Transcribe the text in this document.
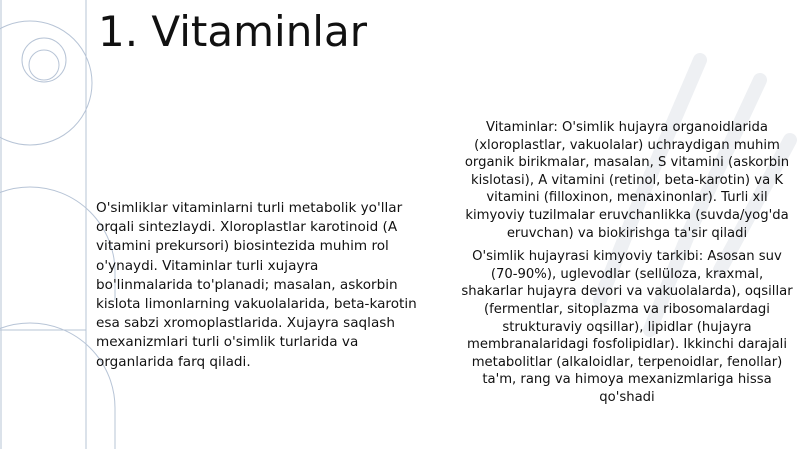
1. Vitaminlar

O'simliklar vitaminlarni turli metabolik yo'llar orqali sintezlaydi. Xloroplastlar karotinoid (A vitamini prekursori) biosintezida muhim rol o'ynaydi. Vitaminlar turli xujayra bo'linmalarida to'planadi; masalan, askorbin kislota limonlarning vakuolalarida, beta-karotin esa sabzi xromoplastlarida. Xujayra saqlash mexanizmlari turli o'simlik turlarida va organlarida farq qiladi.

Vitaminlar: O'simlik hujayra organoidlarida (xloroplastlar, vakuolalar) uchraydigan muhim organik birikmalar, masalan, S vitamini (askorbin kislotasi), A vitamini (retinol, beta-karotin) va K vitamini (filloxinon, menaxinonlar). Turli xil kimyoviy tuzilmalar eruvchanlikka (suvda/yog'da eruvchan) va biokirishga ta'sir qiladi

O'simlik hujayrasi kimyoviy tarkibi: Asosan suv (70-90%), uglevodlar (sellüloza, kraxmal, shakarlar hujayra devori va vakuolalarda), oqsillar (fermentlar, sitoplazma va ribosomalardagi strukturaviy oqsillar), lipidlar (hujayra membranalaridagi fosfolipidlar). Ikkinchi darajali metabolitlar (alkaloidlar, terpenoidlar, fenollar) ta'm, rang va himoya mexanizmlariga hissa qo'shadi
